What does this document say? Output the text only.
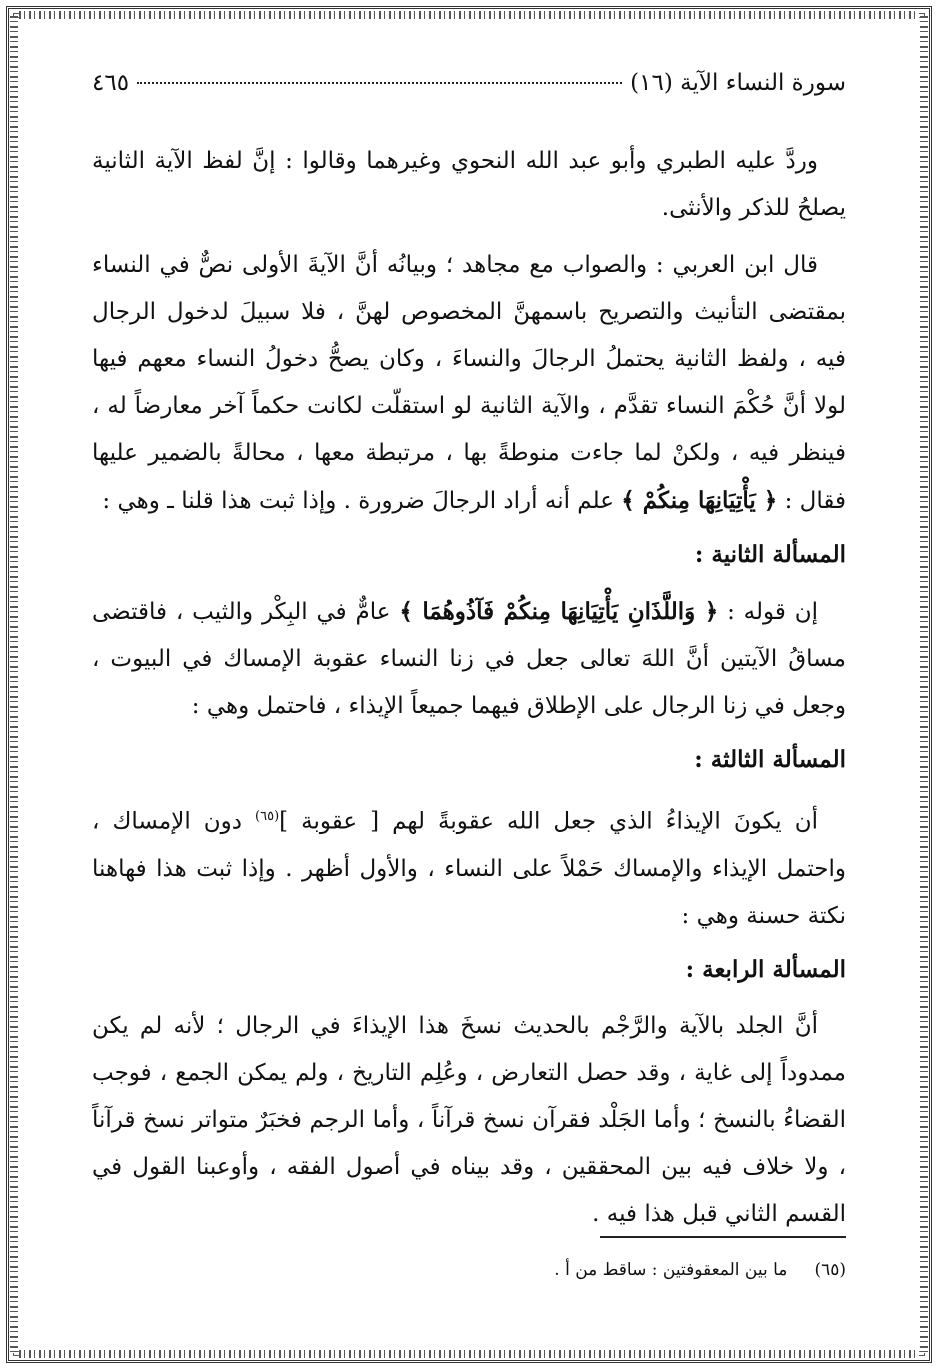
سورة النساء الآية (١٦)
٤٦٥

وردَّ عليه الطبري وأبو عبد الله النحوي وغيرهما وقالوا : إنَّ لفظ الآية الثانية يصلحُ للذكر والأنثى.

قال ابن العربي : والصواب مع مجاهد ؛ وبيانُه أنَّ الآيةَ الأولى نصٌّ في النساء بمقتضى التأنيث والتصريح باسمهنَّ المخصوص لهنَّ ، فلا سبيلَ لدخول الرجال فيه ، ولفظ الثانية يحتملُ الرجالَ والنساءَ ، وكان يصحُّ دخولُ النساء معهم فيها لولا أنَّ حُكْمَ النساء تقدَّم ، والآية الثانية لو استقلّت لكانت حكماً آخر معارضاً له ، فينظر فيه ، ولكنْ لما جاءت منوطةً بها ، مرتبطة معها ، محالةً بالضمير عليها فقال : ﴿ يَأْتِيَانِهَا مِنكُمْ ﴾ علم أنه أراد الرجالَ ضرورة . وإذا ثبت هذا قلنا ـ وهي :

المسألة الثانية :

إن قوله : ﴿ وَاللَّذَانِ يَأْتِيَانِهَا مِنكُمْ فَآذُوهُمَا ﴾ عامٌّ في البِكْر والثيب ، فاقتضى مساقُ الآيتين أنَّ اللهَ تعالى جعل في زنا النساء عقوبة الإمساك في البيوت ، وجعل في زنا الرجال على الإطلاق فيهما جميعاً الإيذاء ، فاحتمل وهي :

المسألة الثالثة :

أن يكونَ الإيذاءُ الذي جعل الله عقوبةً لهم [ عقوبة ]$^{(٦٥)}$ دون الإمساك ، واحتمل الإيذاء والإمساك حَمْلاً على النساء ، والأول أظهر . وإذا ثبت هذا فهاهنا نكتة حسنة وهي :

المسألة الرابعة :

أنَّ الجلد بالآية والرَّجْم بالحديث نسخَ هذا الإيذاءَ في الرجال ؛ لأنه لم يكن ممدوداً إلى غاية ، وقد حصل التعارض ، وعُلِم التاريخ ، ولم يمكن الجمع ، فوجب القضاءُ بالنسخ ؛ وأما الجَلْد فقرآن نسخ قرآناً ، وأما الرجم فخبَرٌ متواتر نسخ قرآناً ، ولا خلاف فيه بين المحققين ، وقد بيناه في أصول الفقه ، وأوعبنا القول في القسم الثاني قبل هذا فيه .

(٦٥)     ما بين المعقوفتين : ساقط من أ .
